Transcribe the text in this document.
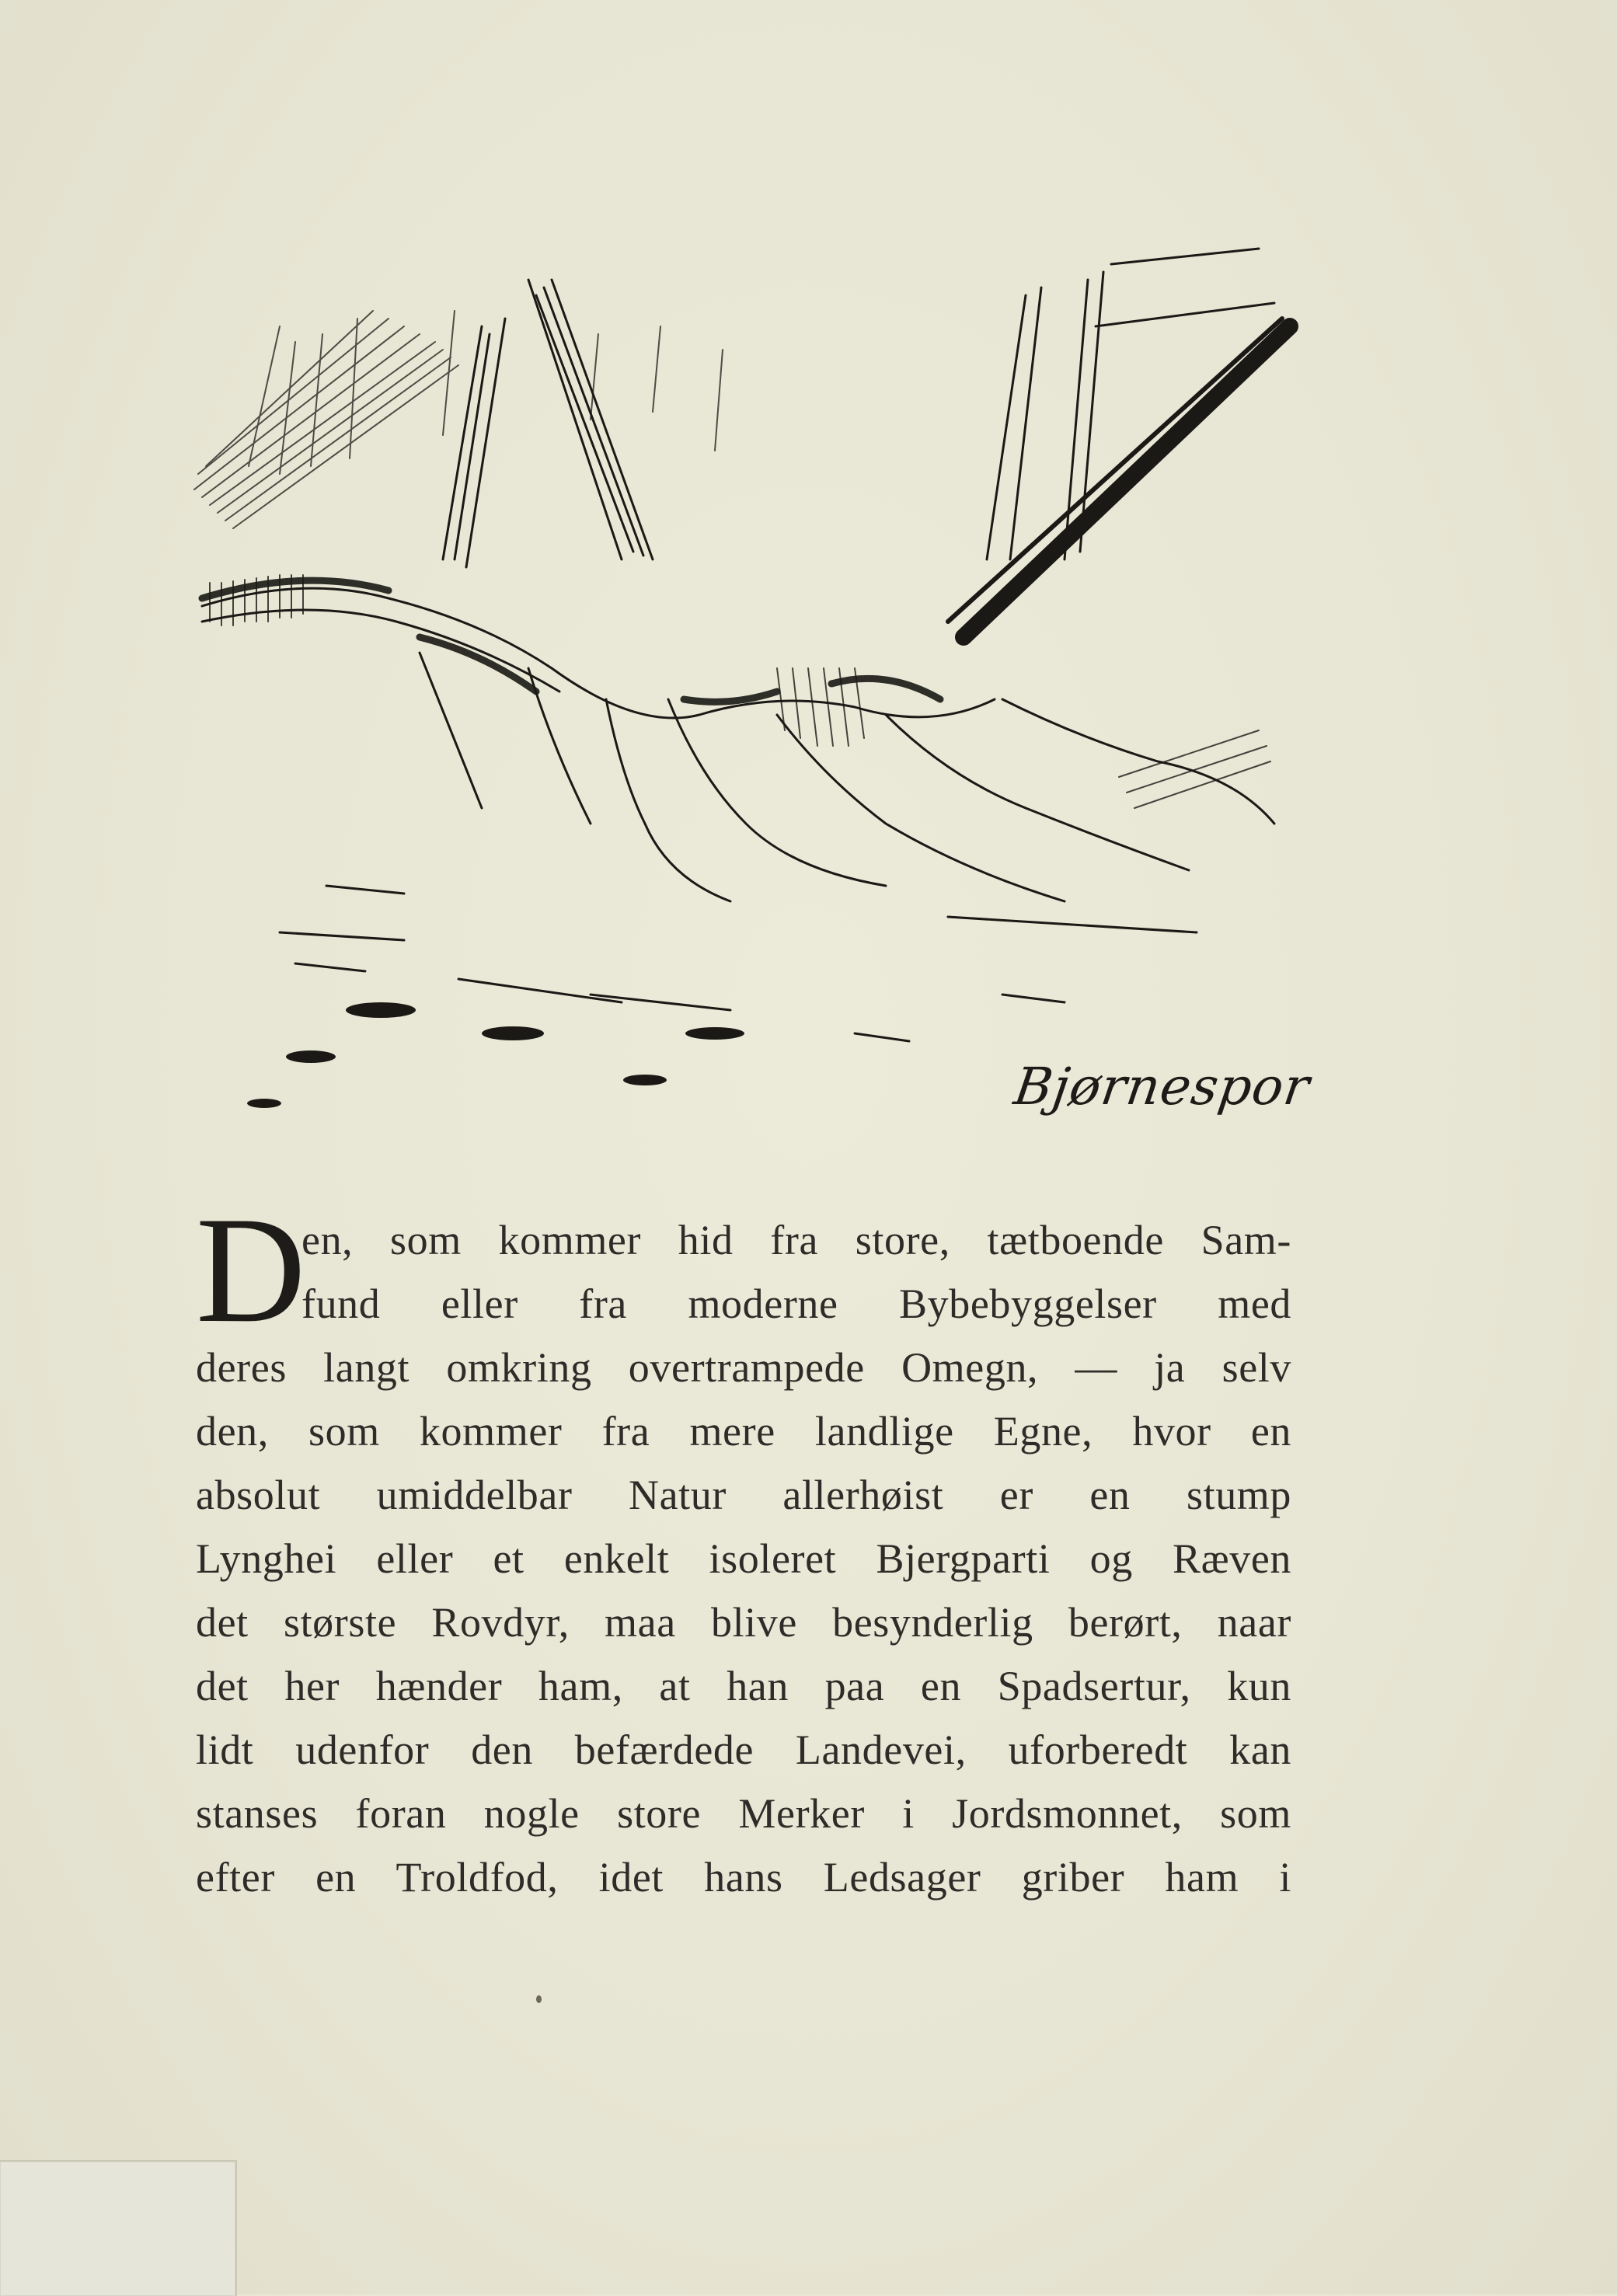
Bjørnespor
D
en, som kommer hid fra store, tætboende Sam-
fund eller fra moderne Bybebyggelser med
deres langt omkring overtrampede Omegn, — ja selv
den, som kommer fra mere landlige Egne, hvor en
absolut umiddelbar Natur allerhøist er en stump
Lynghei eller et enkelt isoleret Bjergparti og Ræven
det største Rovdyr, maa blive besynderlig berørt, naar
det her hænder ham, at han paa en Spadsertur, kun
lidt udenfor den befærdede Landevei, uforberedt kan
stanses foran nogle store Merker i Jordsmonnet, som
efter en Troldfod, idet hans Ledsager griber ham i
